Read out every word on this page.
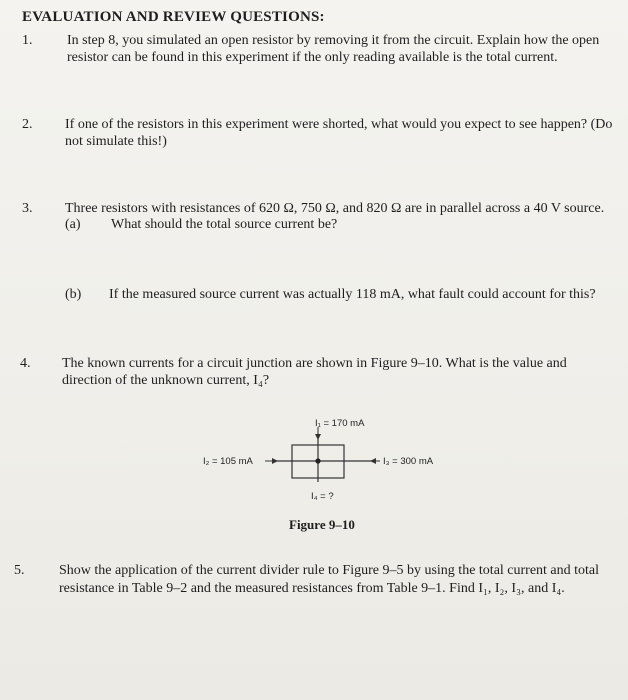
EVALUATION AND REVIEW QUESTIONS:
1. In step 8, you simulated an open resistor by removing it from the circuit. Explain how the open
resistor can be found in this experiment if the only reading available is the total current.
2. If one of the resistors in this experiment were shorted, what would you expect to see happen? (Do
not simulate this!)
3. Three resistors with resistances of 620 Ω, 750 Ω, and 820 Ω are in parallel across a 40 V source.
(a) What should the total source current be?
(b) If the measured source current was actually 118 mA, what fault could account for this?
4. The known currents for a circuit junction are shown in Figure 9–10. What is the value and
direction of the unknown current, I₄?
I₁ = 170 mA
I₂ = 105 mA	I₃ = 300 mA
I₄ = ?
Figure 9–10
5. Show the application of the current divider rule to Figure 9–5 by using the total current and total
resistance in Table 9–2 and the measured resistances from Table 9–1. Find I₁, I₂, I₃, and I₄.
